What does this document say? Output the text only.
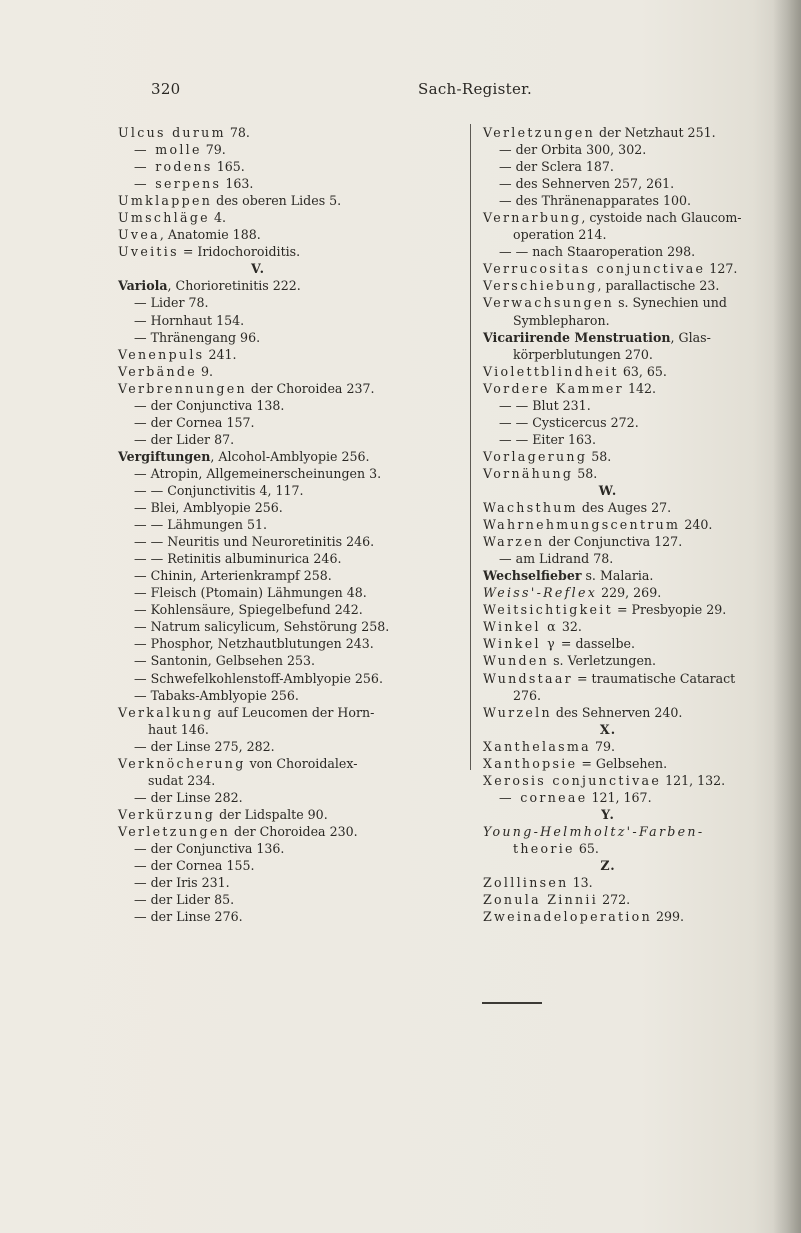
320	Sach-Register.
Ulcus durum 78.
— molle 79.
— rodens 165.
— serpens 163.
Umklappen des oberen Lides 5.
Umschläge 4.
Uvea, Anatomie 188.
Uveitis = Iridochoroiditis.
V.
Variola, Chorioretinitis 222.
— Lider 78.
— Hornhaut 154.
— Thränengang 96.
Venenpuls 241.
Verbände 9.
Verbrennungen der Choroidea 237.
— der Conjunctiva 138.
— der Cornea 157.
— der Lider 87.
Vergiftungen, Alcohol-Amblyopie 256.
— Atropin, Allgemeinerscheinungen 3.
— — Conjunctivitis 4, 117.
— Blei, Amblyopie 256.
— — Lähmungen 51.
— — Neuritis und Neuroretinitis 246.
— — Retinitis albuminurica 246.
— Chinin, Arterienkrampf 258.
— Fleisch (Ptomain) Lähmungen 48.
— Kohlensäure, Spiegelbefund 242.
— Natrum salicylicum, Sehstörung 258.
— Phosphor, Netzhautblutungen 243.
— Santonin, Gelbsehen 253.
— Schwefelkohlenstoff-Amblyopie 256.
— Tabaks-Amblyopie 256.
Verkalkung auf Leucomen der Horn-
haut 146.
— der Linse 275, 282.
Verknöcherung von Choroidalex-
sudat 234.
— der Linse 282.
Verkürzung der Lidspalte 90.
Verletzungen der Choroidea 230.
— der Conjunctiva 136.
— der Cornea 155.
— der Iris 231.
— der Lider 85.
— der Linse 276.
Verletzungen der Netzhaut 251.
— der Orbita 300, 302.
— der Sclera 187.
— des Sehnerven 257, 261.
— des Thränenapparates 100.
Vernarbung, cystoide nach Glaucom-
operation 214.
— — nach Staaroperation 298.
Verrucositas conjunctivae 127.
Verschiebung, parallactische 23.
Verwachsungen s. Synechien und
Symblepharon.
Vicariirende Menstruation, Glas-
körperblutungen 270.
Violettblindheit 63, 65.
Vordere Kammer 142.
— — Blut 231.
— — Cysticercus 272.
— — Eiter 163.
Vorlagerung 58.
Vornähung 58.
W.
Wachsthum des Auges 27.
Wahrnehmungscentrum 240.
Warzen der Conjunctiva 127.
— am Lidrand 78.
Wechselfieber s. Malaria.
Weiss'-Reflex 229, 269.
Weitsichtigkeit = Presbyopie 29.
Winkel α 32.
Winkel γ = dasselbe.
Wunden s. Verletzungen.
Wundstaar = traumatische Cataract
276.
Wurzeln des Sehnerven 240.
X.
Xanthelasma 79.
Xanthopsie = Gelbsehen.
Xerosis conjunctivae 121, 132.
— corneae 121, 167.
Y.
Young-Helmholtz'-Farben-
theorie 65.
Z.
Zolllinsen 13.
Zonula Zinnii 272.
Zweinadeloperation 299.
